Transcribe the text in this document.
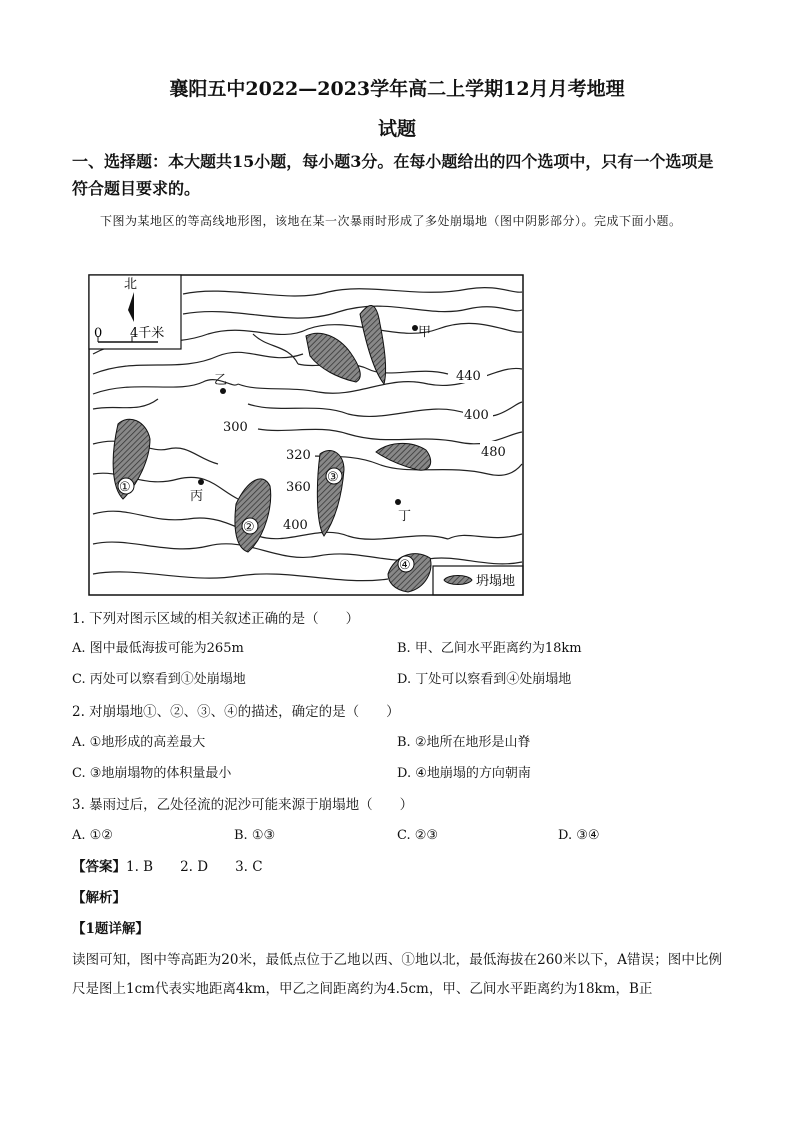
襄阳五中2022—2023学年高二上学期12月月考地理
试题
一、选择题：本大题共15小题，每小题3分。在每小题给出的四个选项中，只有一个选项是符合题目要求的。
下图为某地区的等高线地形图，该地在某一次暴雨时形成了多处崩塌地（图中阴影部分）。完成下面小题。
北
0 4千米
440
400
480
300
320
360
400
甲
乙
丙
丁
①
②
③
④
坍塌地
1. 下列对图示区域的相关叙述正确的是（　　）
A. 图中最低海拔可能为265m	B. 甲、乙间水平距离约为18km
C. 丙处可以察看到①处崩塌地	D. 丁处可以察看到④处崩塌地
2. 对崩塌地①、②、③、④的描述，确定的是（　　）
A. ①地形成的高差最大	B. ②地所在地形是山脊
C. ③地崩塌物的体积量最小	D. ④地崩塌的方向朝南
3. 暴雨过后，乙处径流的泥沙可能来源于崩塌地（　　）
A. ①②	B. ①③	C. ②③	D. ③④
【答案】1. B　　2. D　　3. C
【解析】
【1题详解】
读图可知，图中等高距为20米，最低点位于乙地以西、①地以北，最低海拔在260米以下，A错误；图中比例尺是图上1cm代表实地距离4km，甲乙之间距离约为4.5cm，甲、乙间水平距离约为18km，B正
